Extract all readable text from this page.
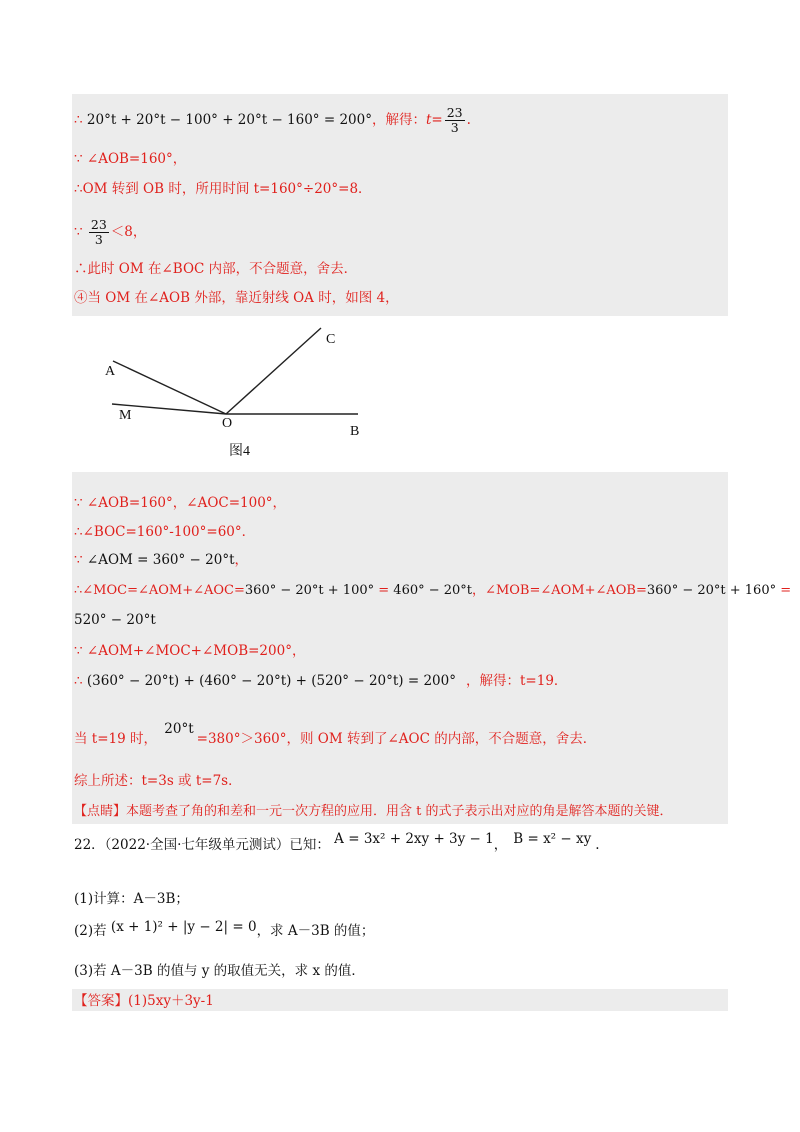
∴ 20°t + 20°t − 100° + 20°t − 160° = 200°，解得：$t= \frac{23}{3}$ .
∵ ∠AOB=160°，
∴OM 转到 OB 时，所用时间 t=160°÷20°=8．
∵ $\frac{23}{3} <8$，
∴此时 OM 在∠BOC 内部，不合题意，舍去．
④当 OM 在∠AOB 外部，靠近射线 OA 时，如图 4，
A
C
M
O
B
图4
∵ ∠AOB=160°，∠AOC=100°，
∴∠BOC=160°-100°=60°．
∵ ∠AOM = 360° − 20°t，
∴∠MOC=∠AOM+∠AOC=360° − 20°t + 100° = 460° − 20°t，∠MOB=∠AOM+∠AOB=360° − 20°t + 160° =
520° − 20°t
∵ ∠AOM+∠MOC+∠MOB=200°，
∴ (360° − 20°t) + (460° − 20°t) + (520° − 20°t) = 200° ，解得：t=19．
当 t=19 时， 20°t=380°＞360°，则 OM 转到了∠AOC 的内部，不合题意，舍去．
综上所述：t=3s 或 t=7s．
【点睛】本题考查了角的和差和一元一次方程的应用．用含 t 的式子表示出对应的角是解答本题的关键．
22．（2022·全国·七年级单元测试）已知： A = 3x² + 2xy + 3y − 1， B = x² − xy .
(1)计算：A－3B；
(2)若 (x + 1)² + |y − 2| = 0，求 A－3B 的值；
(3)若 A－3B 的值与 y 的取值无关，求 x 的值．
【答案】(1)5xy＋3y-1
